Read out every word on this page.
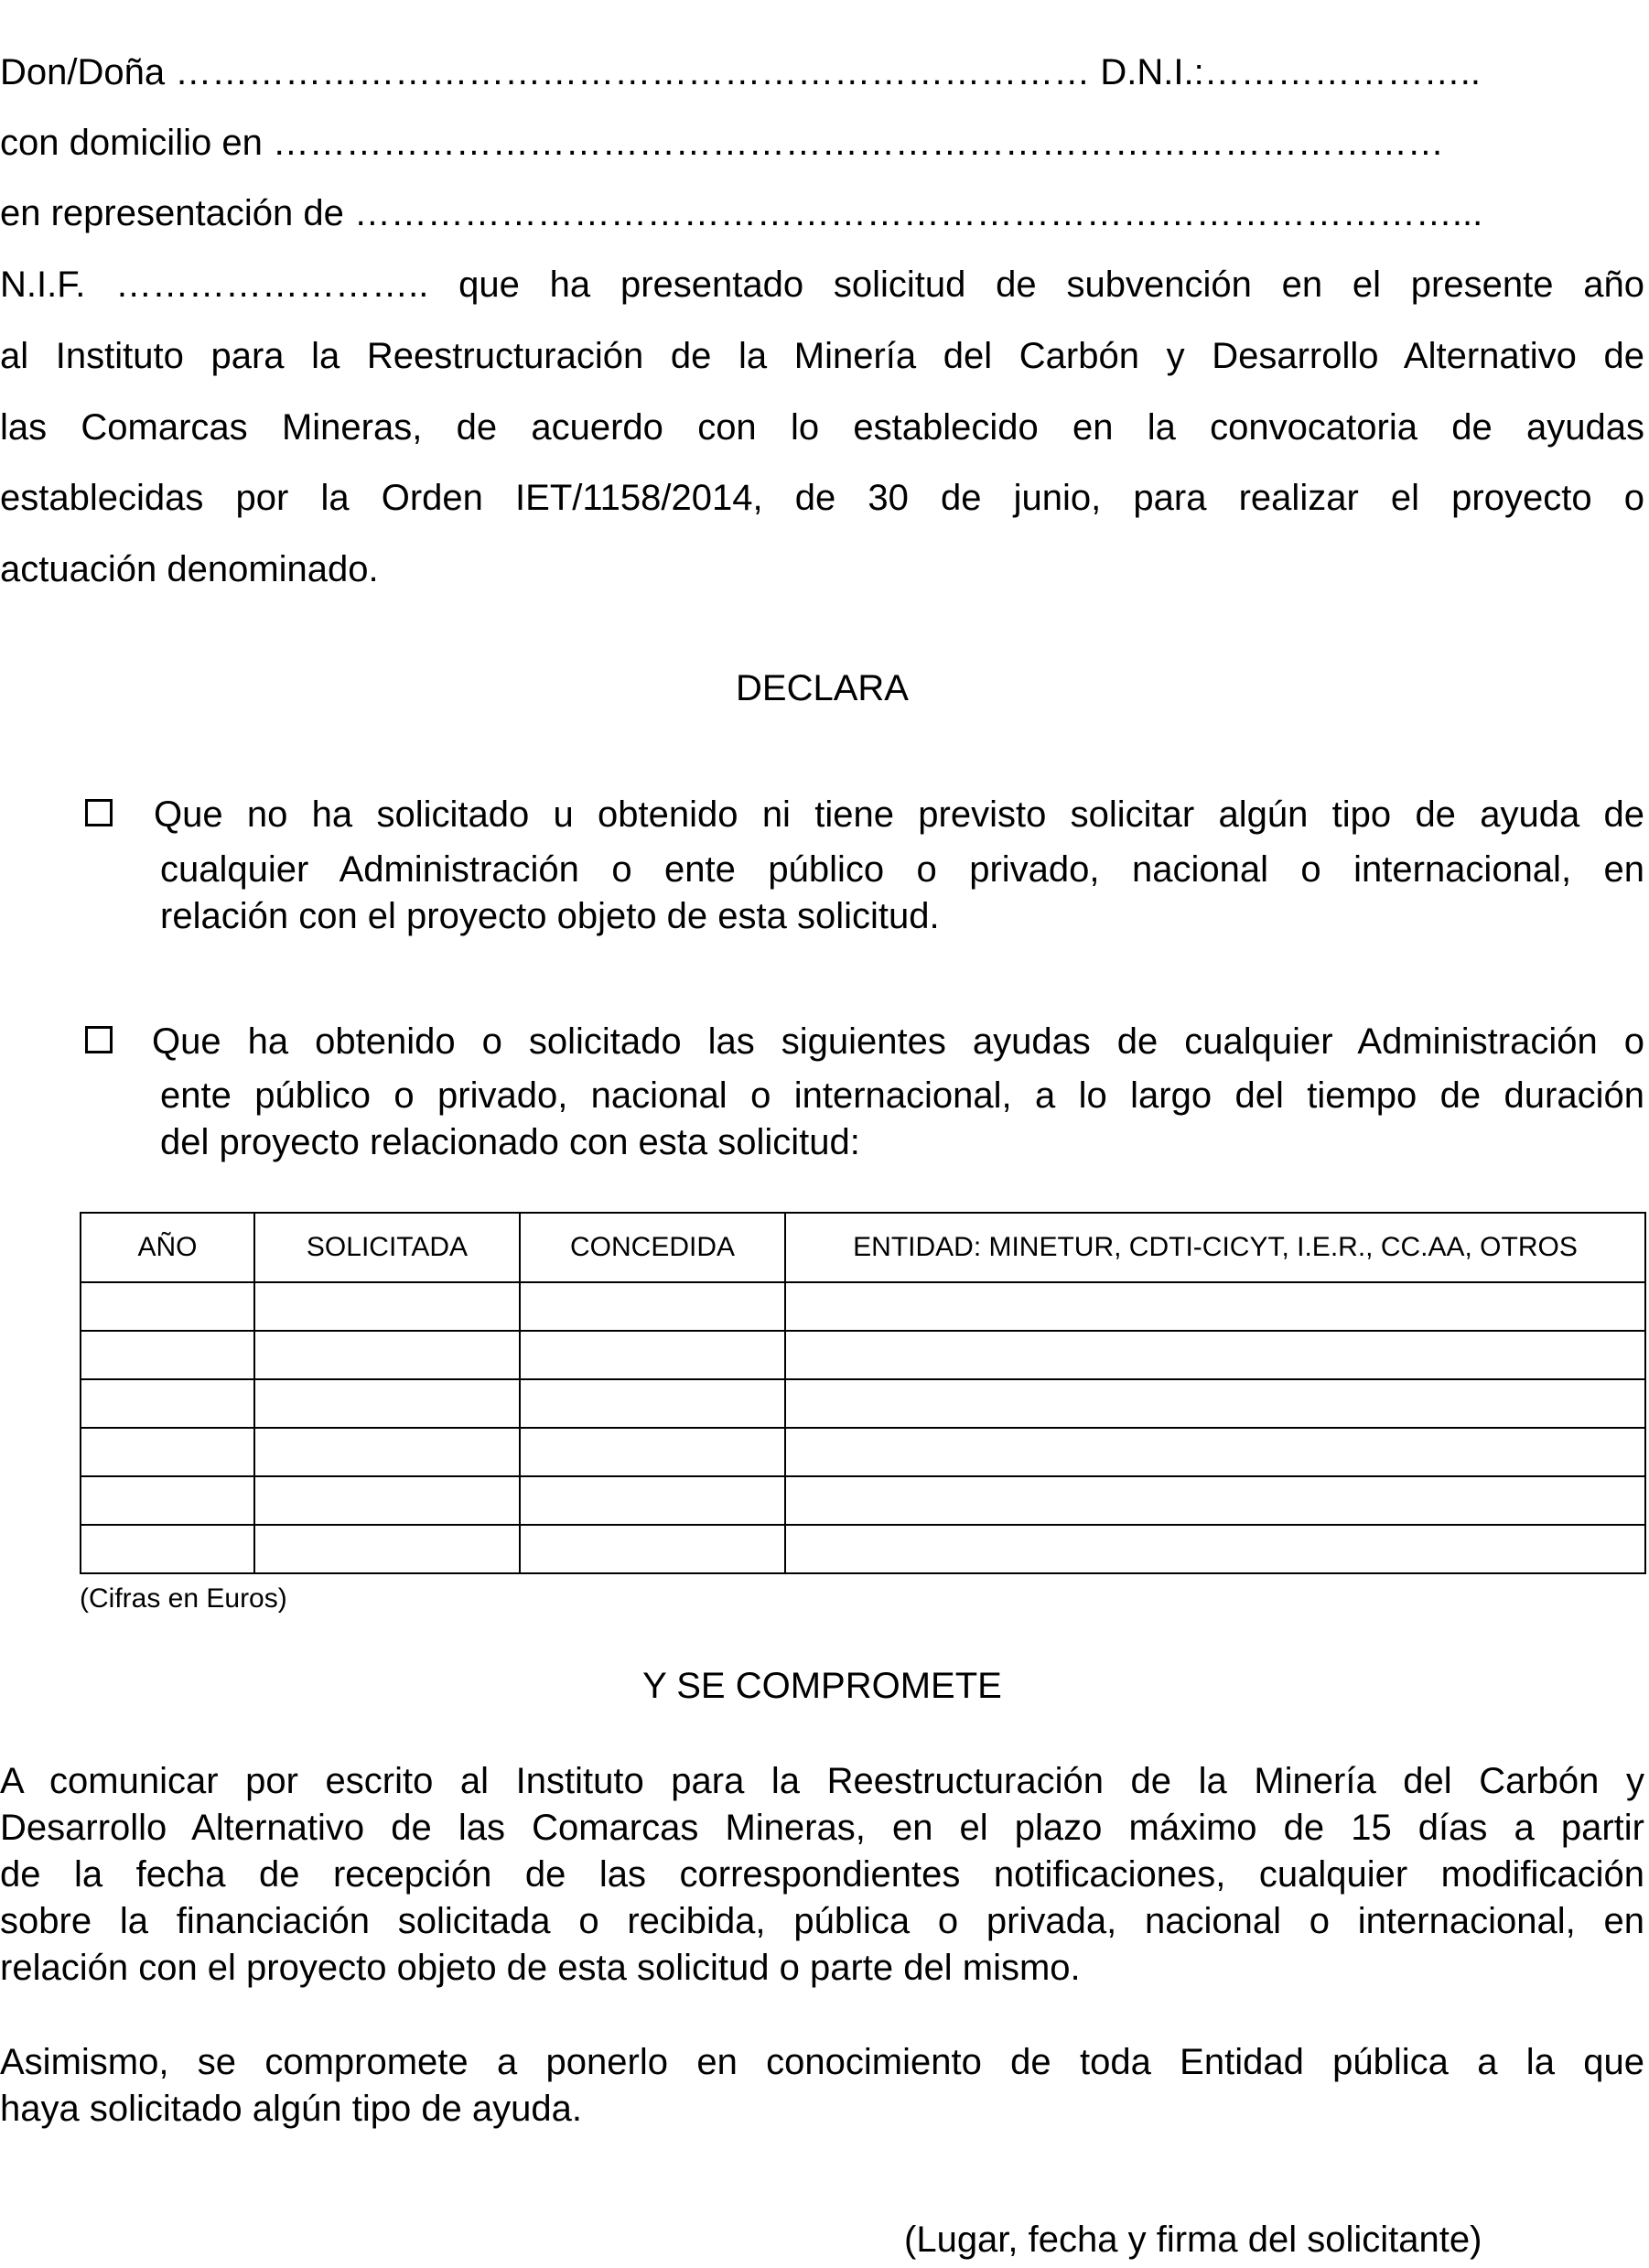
Don/Doña ………………………………………………………………… D.N.I.:…………………..
con domicilio en ……………………………………………………………………………………
en representación de ………………………………………………………………………………...
N.I.F. …………………….. que ha presentado solicitud de subvención en el presente año
al Instituto para la Reestructuración de la Minería del Carbón y Desarrollo Alternativo de
las Comarcas Mineras, de acuerdo con lo establecido en la convocatoria de ayudas
establecidas por la Orden IET/1158/2014, de 30 de junio, para realizar el proyecto o
actuación denominado.
DECLARA
Que no ha solicitado u obtenido ni tiene previsto solicitar algún tipo de ayuda de
cualquier Administración o ente público o privado, nacional o internacional, en
relación con el proyecto objeto de esta solicitud.
Que ha obtenido o solicitado las siguientes ayudas de cualquier Administración o
ente público o privado, nacional o internacional, a lo largo del tiempo de duración
del proyecto relacionado con esta solicitud:
AÑO	SOLICITADA	CONCEDIDA	ENTIDAD: MINETUR, CDTI-CICYT, I.E.R., CC.AA, OTROS

(Cifras en Euros)
Y SE COMPROMETE
A comunicar por escrito al Instituto para la Reestructuración de la Minería del Carbón y
Desarrollo Alternativo de las Comarcas Mineras, en el plazo máximo de 15 días a partir
de la fecha de recepción de las correspondientes notificaciones, cualquier modificación
sobre la financiación solicitada o recibida, pública o privada, nacional o internacional, en
relación con el proyecto objeto de esta solicitud o parte del mismo.
Asimismo, se compromete a ponerlo en conocimiento de toda Entidad pública a la que
haya solicitado algún tipo de ayuda.
(Lugar, fecha y firma del solicitante)
